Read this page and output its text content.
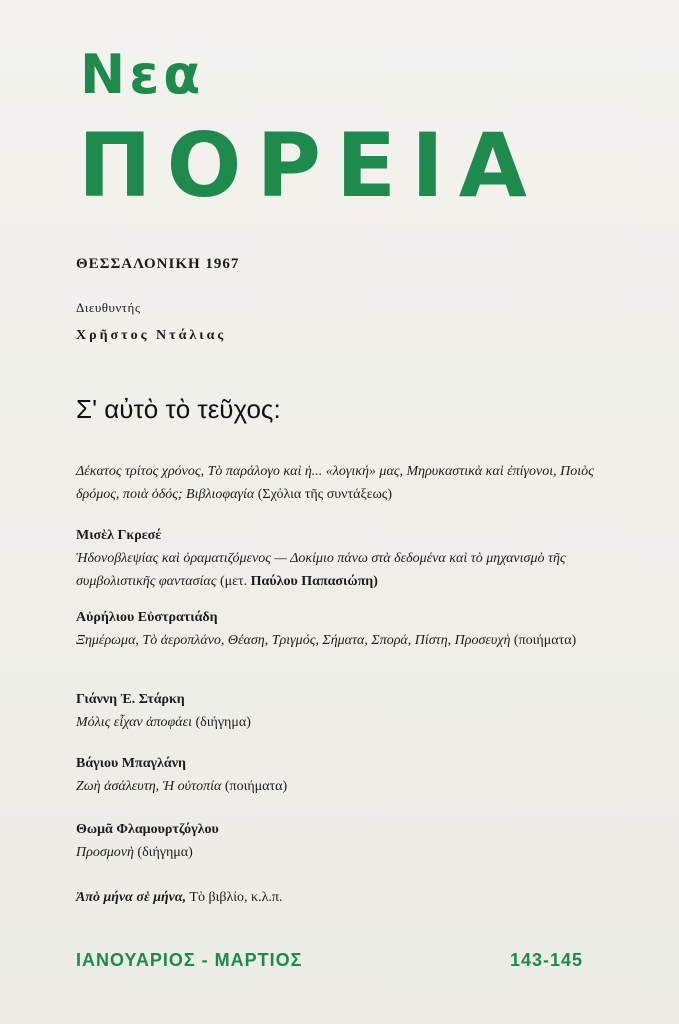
Νεα
ΠΟΡΕΙΑ
ΘΕΣΣΑΛΟΝΙΚΗ 1967
Διευθυντής
Χρῆστος Ντάλιας
Σ' αὐτὸ τὸ τεῦχος:
Δέκατος τρίτος χρόνος, Τὸ παράλογο καὶ ἡ... «λογική» μας, Μηρυκαστικὰ καὶ ἐπίγονοι, Ποιὸς δρόμος, ποιὰ ὁδός; Βιβλιοφαγία (Σχόλια τῆς συντάξεως)
Μισὲλ Γκρεσέ
Ἡδονοβλεψίας καὶ ὀραματιζόμενος — Δοκίμιο πάνω στὰ δεδομένα καὶ τὸ μηχανισμὸ τῆς συμβολιστικῆς φαντασίας (μετ. Παύλου Παπασιώπη)
Αὐρήλιου Εὐστρατιάδη
Ξημέρωμα, Τὸ ἀεροπλάνο, Θέαση, Τριγμός, Σήματα, Σπορά, Πίστη, Προσευχὴ (ποιήματα)
Γιάννη Ἐ. Στάρκη
Μόλις εἶχαν ἀποφάει (διήγημα)
Βάγιου Μπαγλάνη
Ζωὴ ἀσάλευτη, Ἡ οὐτοπία (ποιήματα)
Θωμᾶ Φλαμουρτζόγλου
Προσμονὴ (διήγημα)
Ἀπὸ μήνα σὲ μήνα, Τὸ βιβλίο, κ.λ.π.
ΙΑΝΟΥΑΡΙΟΣ - ΜΑΡΤΙΟΣ	143-145
